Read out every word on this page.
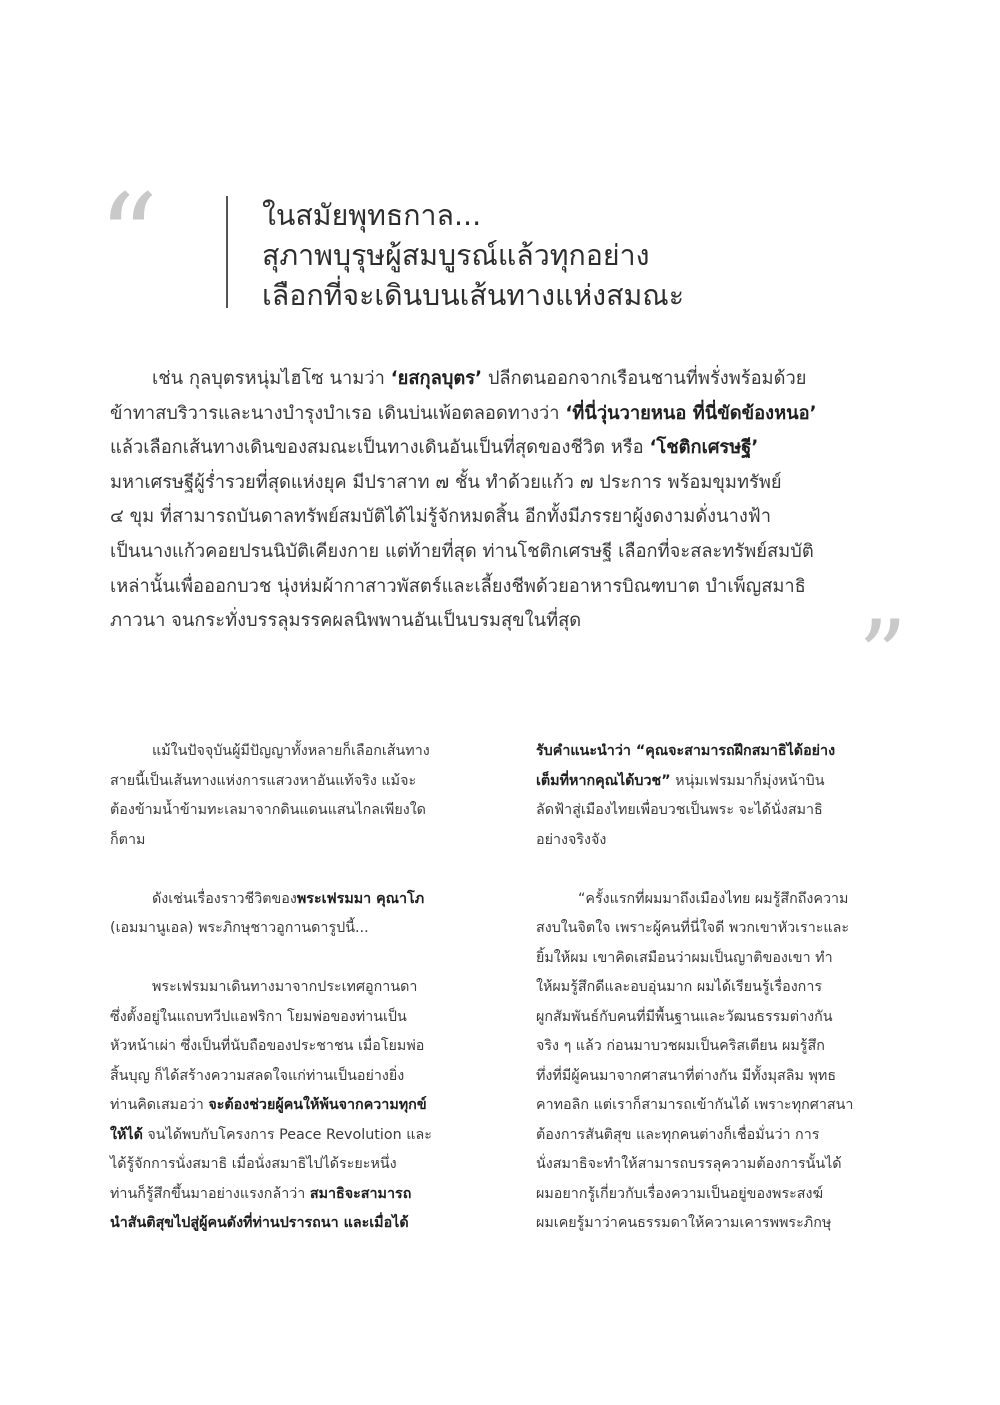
“	ในสมัยพุทธกาล...
สุภาพบุรุษผู้สมบูรณ์แล้วทุกอย่าง
เลือกที่จะเดินบนเส้นทางแห่งสมณะ
เช่น กุลบุตรหนุ่มไฮโซ นามว่า ‘ยสกุลบุตร’ ปลีกตนออกจากเรือนชานที่พรั่งพร้อมด้วย
ข้าทาสบริวารและนางบำรุงบำเรอ เดินบ่นเพ้อตลอดทางว่า ‘ที่นี่วุ่นวายหนอ ที่นี่ขัดข้องหนอ’
แล้วเลือกเส้นทางเดินของสมณะเป็นทางเดินอันเป็นที่สุดของชีวิต หรือ ‘โชติกเศรษฐี’
มหาเศรษฐีผู้ร่ำรวยที่สุดแห่งยุค มีปราสาท ๗ ชั้น ทำด้วยแก้ว ๗ ประการ พร้อมขุมทรัพย์
๔ ขุม ที่สามารถบันดาลทรัพย์สมบัติได้ไม่รู้จักหมดสิ้น อีกทั้งมีภรรยาผู้งดงามดั่งนางฟ้า
เป็นนางแก้วคอยปรนนิบัติเคียงกาย แต่ท้ายที่สุด ท่านโชติกเศรษฐี เลือกที่จะสละทรัพย์สมบัติ
เหล่านั้นเพื่อออกบวช นุ่งห่มผ้ากาสาวพัสตร์และเลี้ยงชีพด้วยอาหารบิณฑบาต บำเพ็ญสมาธิ
ภาวนา จนกระทั่งบรรลุมรรคผลนิพพานอันเป็นบรมสุขในที่สุด	”
แม้ในปัจจุบันผู้มีปัญญาทั้งหลายก็เลือกเส้นทาง
สายนี้เป็นเส้นทางแห่งการแสวงหาอันแท้จริง แม้จะ
ต้องข้ามน้ำข้ามทะเลมาจากดินแดนแสนไกลเพียงใด
ก็ตาม
ดังเช่นเรื่องราวชีวิตของพระเฟรมมา คุณาโภ
(เอมมานูเอล) พระภิกษุชาวอูกานดารูปนี้...
พระเฟรมมาเดินทางมาจากประเทศอูกานดา
ซึ่งตั้งอยู่ในแถบทวีปแอฟริกา โยมพ่อของท่านเป็น
หัวหน้าเผ่า ซึ่งเป็นที่นับถือของประชาชน เมื่อโยมพ่อ
สิ้นบุญ ก็ได้สร้างความสลดใจแก่ท่านเป็นอย่างยิ่ง
ท่านคิดเสมอว่า จะต้องช่วยผู้คนให้พ้นจากความทุกข์
ให้ได้ จนได้พบกับโครงการ Peace Revolution และ
ได้รู้จักการนั่งสมาธิ เมื่อนั่งสมาธิไปได้ระยะหนึ่ง
ท่านก็รู้สึกขึ้นมาอย่างแรงกล้าว่า สมาธิจะสามารถ
นำสันติสุขไปสู่ผู้คนดังที่ท่านปรารถนา และเมื่อได้
รับคำแนะนำว่า “คุณจะสามารถฝึกสมาธิได้อย่าง
เต็มที่หากคุณได้บวช” หนุ่มเฟรมมาก็มุ่งหน้าบิน
ลัดฟ้าสู่เมืองไทยเพื่อบวชเป็นพระ จะได้นั่งสมาธิ
อย่างจริงจัง
“ครั้งแรกที่ผมมาถึงเมืองไทย ผมรู้สึกถึงความ
สงบในจิตใจ เพราะผู้คนที่นี่ใจดี พวกเขาหัวเราะและ
ยิ้มให้ผม เขาคิดเสมือนว่าผมเป็นญาติของเขา ทำ
ให้ผมรู้สึกดีและอบอุ่นมาก ผมได้เรียนรู้เรื่องการ
ผูกสัมพันธ์กับคนที่มีพื้นฐานและวัฒนธรรมต่างกัน
จริง ๆ แล้ว ก่อนมาบวชผมเป็นคริสเตียน ผมรู้สึก
ทึ่งที่มีผู้คนมาจากศาสนาที่ต่างกัน มีทั้งมุสลิม พุทธ
คาทอลิก แต่เราก็สามารถเข้ากันได้ เพราะทุกศาสนา
ต้องการสันติสุข และทุกคนต่างก็เชื่อมั่นว่า การ
นั่งสมาธิจะทำให้สามารถบรรลุความต้องการนั้นได้
ผมอยากรู้เกี่ยวกับเรื่องความเป็นอยู่ของพระสงฆ์
ผมเคยรู้มาว่าคนธรรมดาให้ความเคารพพระภิกษุ
